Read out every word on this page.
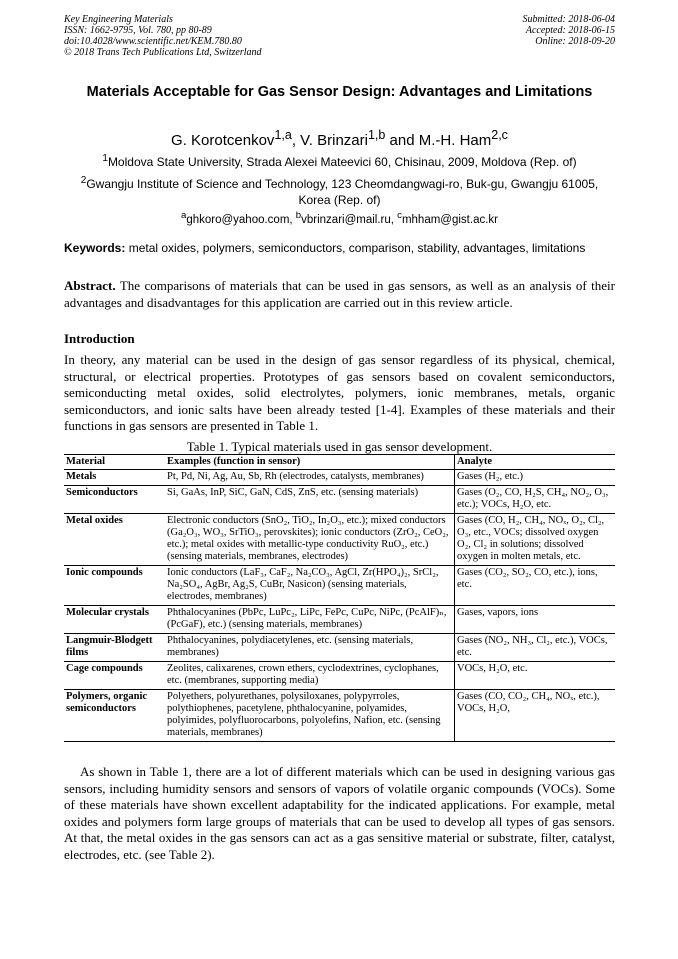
Key Engineering Materials
ISSN: 1662-9795, Vol. 780, pp 80-89
doi:10.4028/www.scientific.net/KEM.780.80
© 2018 Trans Tech Publications Ltd, Switzerland
Submitted: 2018-06-04
Accepted: 2018-06-15
Online: 2018-09-20
Materials Acceptable for Gas Sensor Design: Advantages and Limitations
G. Korotcenkov$^{1,a}$, V. Brinzari$^{1,b}$ and M.-H. Ham$^{2,c}$
$^1$Moldova State University, Strada Alexei Mateevici 60, Chisinau, 2009, Moldova (Rep. of)
$^2$Gwangju Institute of Science and Technology, 123 Cheomdangwagi-ro, Buk-gu, Gwangju 61005, Korea (Rep. of)
$^a$ghkoro@yahoo.com, $^b$vbrinzari@mail.ru, $^c$mhham@gist.ac.kr
Keywords: metal oxides, polymers, semiconductors, comparison, stability, advantages, limitations
Abstract. The comparisons of materials that can be used in gas sensors, as well as an analysis of their advantages and disadvantages for this application are carried out in this review article.
Introduction
In theory, any material can be used in the design of gas sensor regardless of its physical, chemical, structural, or electrical properties. Prototypes of gas sensors based on covalent semiconductors, semiconducting metal oxides, solid electrolytes, polymers, ionic membranes, metals, organic semiconductors, and ionic salts have been already tested [1-4]. Examples of these materials and their functions in gas sensors are presented in Table 1.
Table 1. Typical materials used in gas sensor development.
Material	Examples (function in sensor)	Analyte
Metals	Pt, Pd, Ni, Ag, Au, Sb, Rh (electrodes, catalysts, membranes)	Gases (H₂, etc.)
Semiconductors	Si, GaAs, InP, SiC, GaN, CdS, ZnS, etc. (sensing materials)	Gases (O₂, CO, H₂S, CH₄, NO₂, O₃, etc.); VOCs, H₂O, etc.
Metal oxides	Electronic conductors (SnO₂, TiO₂, In₂O₃, etc.); mixed conductors (Ga₂O₃, WO₃, SrTiO₃, perovskites); ionic conductors (ZrO₂, CeO₂, etc.); metal oxides with metallic-type conductivity RuO₂, etc.) (sensing materials, membranes, electrodes)	Gases (CO, H₂, CH₄, NOₓ, O₂, Cl₂, O₃, etc., VOCs; dissolved oxygen O₂, Cl₂ in solutions; dissolved oxygen in molten metals, etc.
Ionic compounds	Ionic conductors (LaF₃, CaF₂, Na₂CO₃, AgCl, Zr(HPO₄)₂, SrCl₂, Na₂SO₄, AgBr, Ag₂S, CuBr, Nasicon) (sensing materials, electrodes, membranes)	Gases (CO₂, SO₂, CO, etc.), ions, etc.
Molecular crystals	Phthalocyanines (PbPc, LuPc₂, LiPc, FePc, CuPc, NiPc, (PcAlF)ₙ, (PcGaF), etc.) (sensing materials, membranes)	Gases, vapors, ions
Langmuir-Blodgett films	Phthalocyanines, polydiacetylenes, etc. (sensing materials, membranes)	Gases (NO₂, NH₃, Cl₂, etc.), VOCs, etc.
Cage compounds	Zeolites, calixarenes, crown ethers, cyclodextrines, cyclophanes, etc. (membranes, supporting media)	VOCs, H₂O, etc.
Polymers, organic semiconductors	Polyethers, polyurethanes, polysiloxanes, polypyrroles, polythiophenes, pacetylene, phthalocyanine, polyamides, polyimides, polyfluorocarbons, polyolefins, Nafion, etc. (sensing materials, membranes)	Gases (CO, CO₂, CH₄, NOₓ, etc.), VOCs, H₂O,
As shown in Table 1, there are a lot of different materials which can be used in designing various gas sensors, including humidity sensors and sensors of vapors of volatile organic compounds (VOCs). Some of these materials have shown excellent adaptability for the indicated applications. For example, metal oxides and polymers form large groups of materials that can be used to develop all types of gas sensors. At that, the metal oxides in the gas sensors can act as a gas sensitive material or substrate, filter, catalyst, electrodes, etc. (see Table 2).
